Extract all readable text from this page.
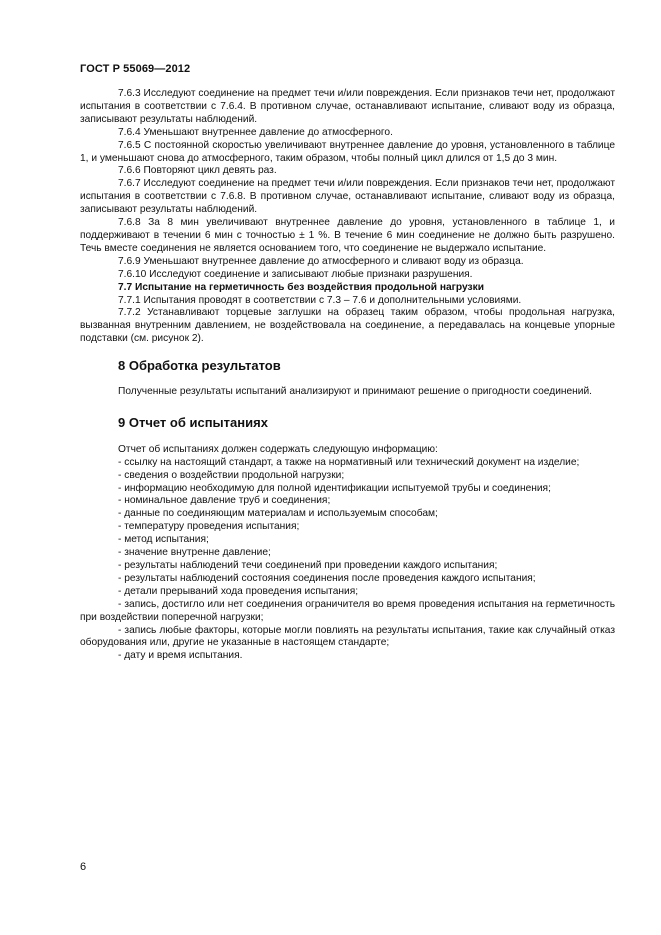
ГОСТ Р 55069—2012

7.6.3 Исследуют соединение на предмет течи и/или повреждения. Если признаков течи нет, продолжают испытания в соответствии с 7.6.4. В противном случае, останавливают испытание, сливают воду из образца, записывают результаты наблюдений.

7.6.4 Уменьшают внутреннее давление до атмосферного.

7.6.5 С постоянной скоростью увеличивают внутреннее давление до уровня, установленного в таблице 1, и уменьшают снова до атмосферного, таким образом, чтобы полный цикл длился от 1,5 до 3 мин.

7.6.6 Повторяют цикл девять раз.

7.6.7 Исследуют соединение на предмет течи и/или повреждения. Если признаков течи нет, продолжают испытания в соответствии с 7.6.8. В противном случае, останавливают испытание, сливают воду из образца, записывают результаты наблюдений.

7.6.8 За 8 мин увеличивают внутреннее давление до уровня, установленного в таблице 1, и поддерживают в течении 6 мин с точностью ± 1 %. В течение 6 мин соединение не должно быть разрушено. Течь вместе соединения не является основанием того, что соединение не выдержало испытание.

7.6.9 Уменьшают внутреннее давление до атмосферного и сливают воду из образца.

7.6.10 Исследуют соединение и записывают любые признаки разрушения.

7.7 Испытание на герметичность без воздействия продольной нагрузки

7.7.1 Испытания проводят в соответствии с 7.3 – 7.6 и дополнительными условиями.

7.7.2 Устанавливают торцевые заглушки на образец таким образом, чтобы продольная нагрузка, вызванная внутренним давлением, не воздействовала на соединение, а передавалась на концевые упорные подставки (см. рисунок 2).

8 Обработка результатов

Полученные результаты испытаний анализируют и принимают решение о пригодности соединений.

9 Отчет об испытаниях

Отчет об испытаниях должен содержать следующую информацию:

- ссылку на настоящий стандарт, а также на нормативный или технический документ на изделие;

- сведения о воздействии продольной нагрузки;

- информацию необходимую для полной идентификации испытуемой трубы и соединения;

- номинальное давление труб и соединения;

- данные по соединяющим материалам и используемым способам;

- температуру проведения испытания;

- метод испытания;

- значение внутренне давление;

- результаты наблюдений течи соединений при проведении каждого испытания;

- результаты наблюдений состояния соединения после проведения каждого испытания;

- детали прерываний хода проведения испытания;

- запись, достигло или нет соединения ограничителя во время проведения испытания на герметичность при воздействии поперечной нагрузки;

- запись любые факторы, которые могли повлиять на результаты испытания, такие как случайный отказ оборудования или, другие не указанные в настоящем стандарте;

- дату и время испытания.

6
